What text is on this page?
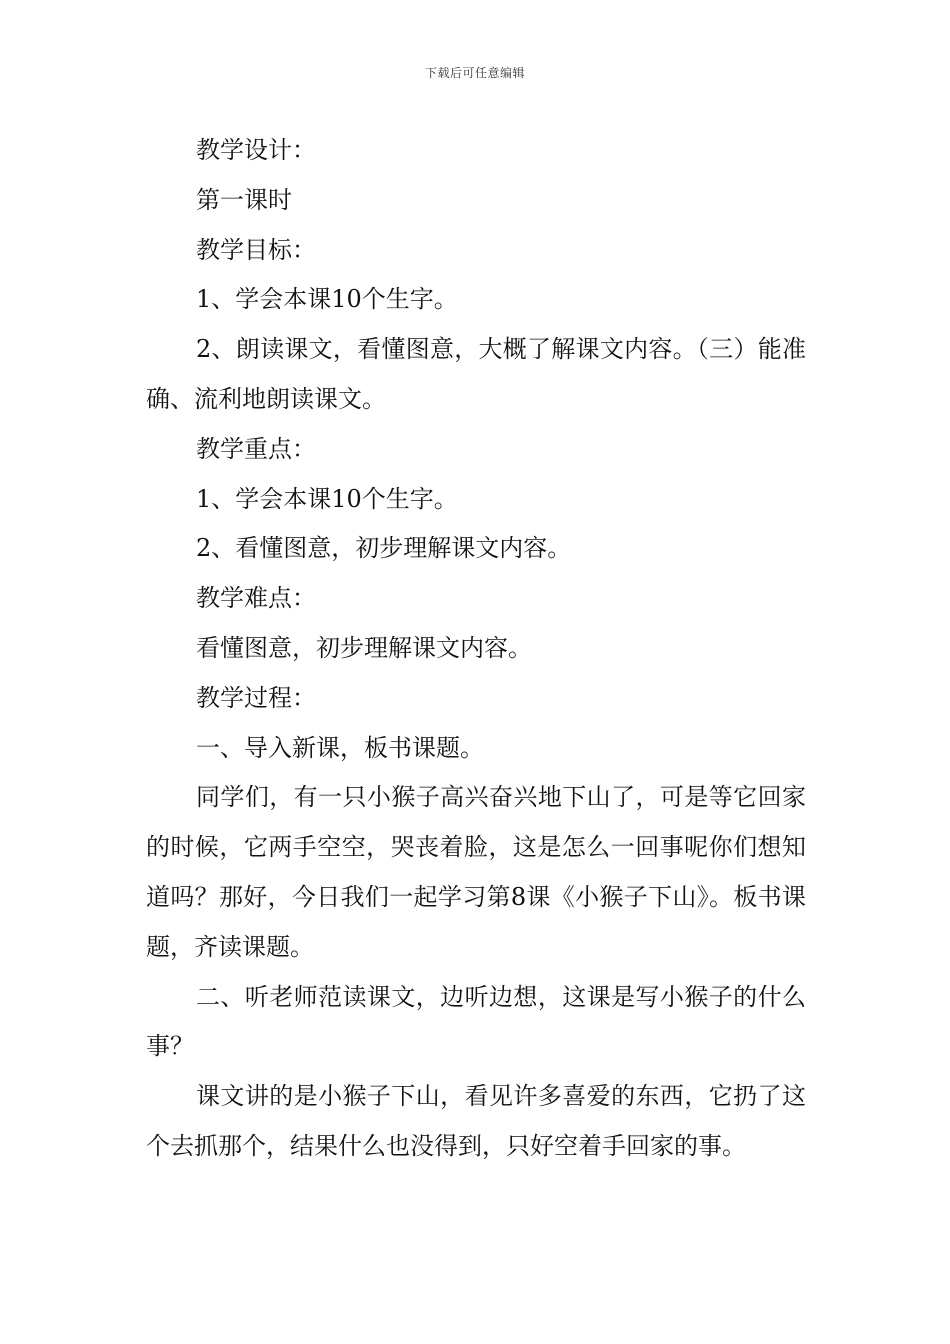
下载后可任意编辑

教学设计：

第一课时

教学目标：

1、学会本课10个生字。

2、朗读课文，看懂图意，大概了解课文内容。（三）能准确、流利地朗读课文。

教学重点：

1、学会本课10个生字。

2、看懂图意，初步理解课文内容。

教学难点：

看懂图意，初步理解课文内容。

教学过程：

一、导入新课，板书课题。

同学们，有一只小猴子高兴奋兴地下山了，可是等它回家的时候，它两手空空，哭丧着脸，这是怎么一回事呢你们想知道吗？那好，今日我们一起学习第8课《小猴子下山》。板书课题，齐读课题。

二、听老师范读课文，边听边想，这课是写小猴子的什么事？

课文讲的是小猴子下山，看见许多喜爱的东西，它扔了这个去抓那个，结果什么也没得到，只好空着手回家的事。
